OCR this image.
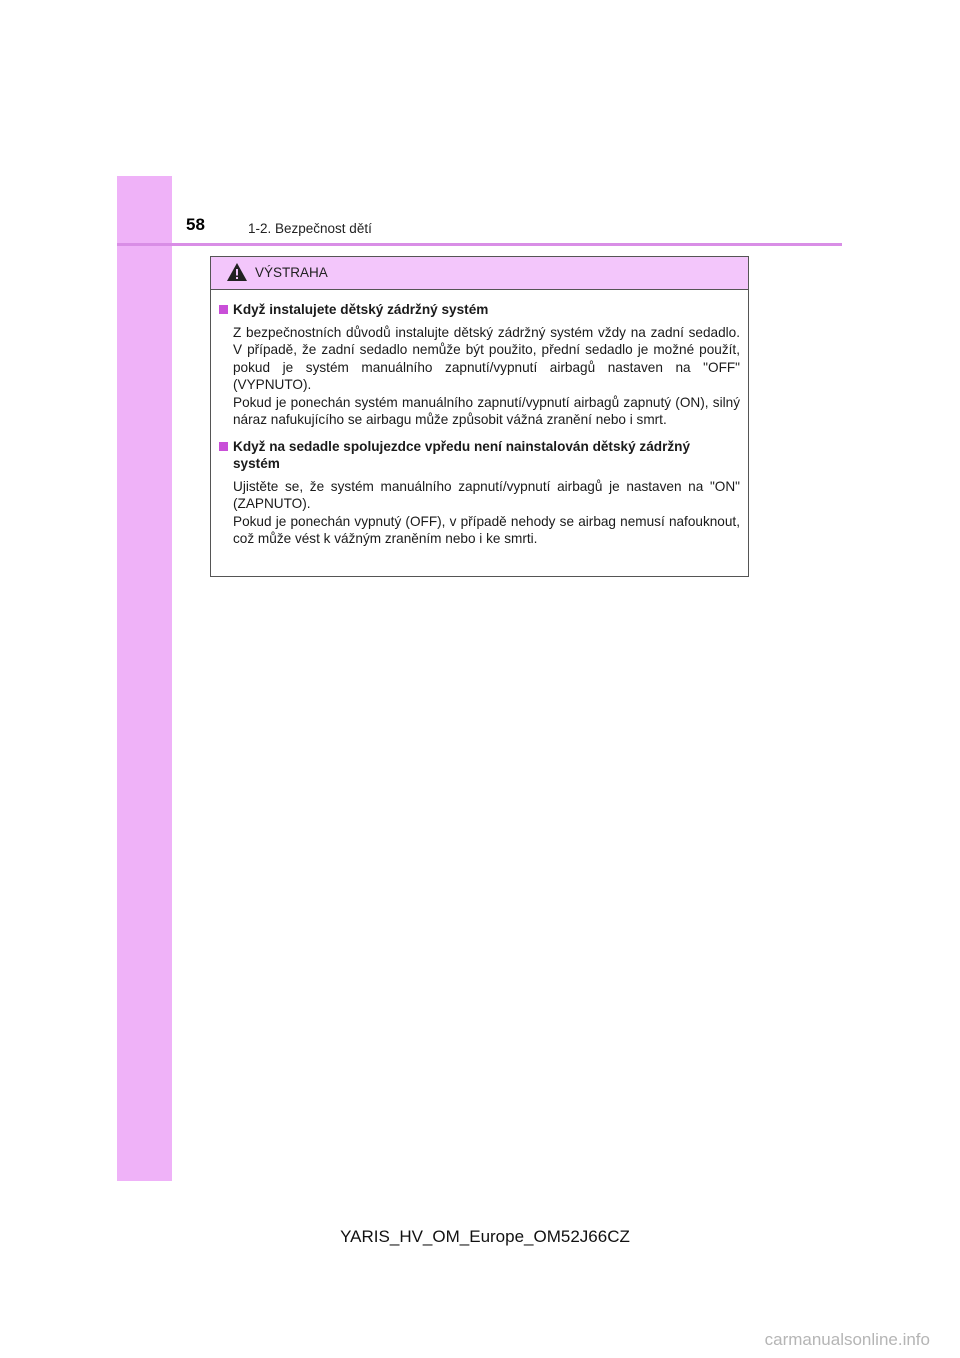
58	1-2. Bezpečnost dětí
VÝSTRAHA
Když instalujete dětský zádržný systém
Z bezpečnostních důvodů instalujte dětský zádržný systém vždy na zadní sedadlo. V případě, že zadní sedadlo nemůže být použito, přední sedadlo je možné použít, pokud je systém manuálního zapnutí/vypnutí airbagů nastaven na "OFF" (VYPNUTO).
Pokud je ponechán systém manuálního zapnutí/vypnutí airbagů zapnutý (ON), silný náraz nafukujícího se airbagu může způsobit vážná zranění nebo i smrt.
Když na sedadle spolujezdce vpředu není nainstalován dětský zádržný systém
Ujistěte se, že systém manuálního zapnutí/vypnutí airbagů je nastaven na "ON" (ZAPNUTO).
Pokud je ponechán vypnutý (OFF), v případě nehody se airbag nemusí nafouknout, což může vést k vážným zraněním nebo i ke smrti.
YARIS_HV_OM_Europe_OM52J66CZ
carmanualsonline.info
